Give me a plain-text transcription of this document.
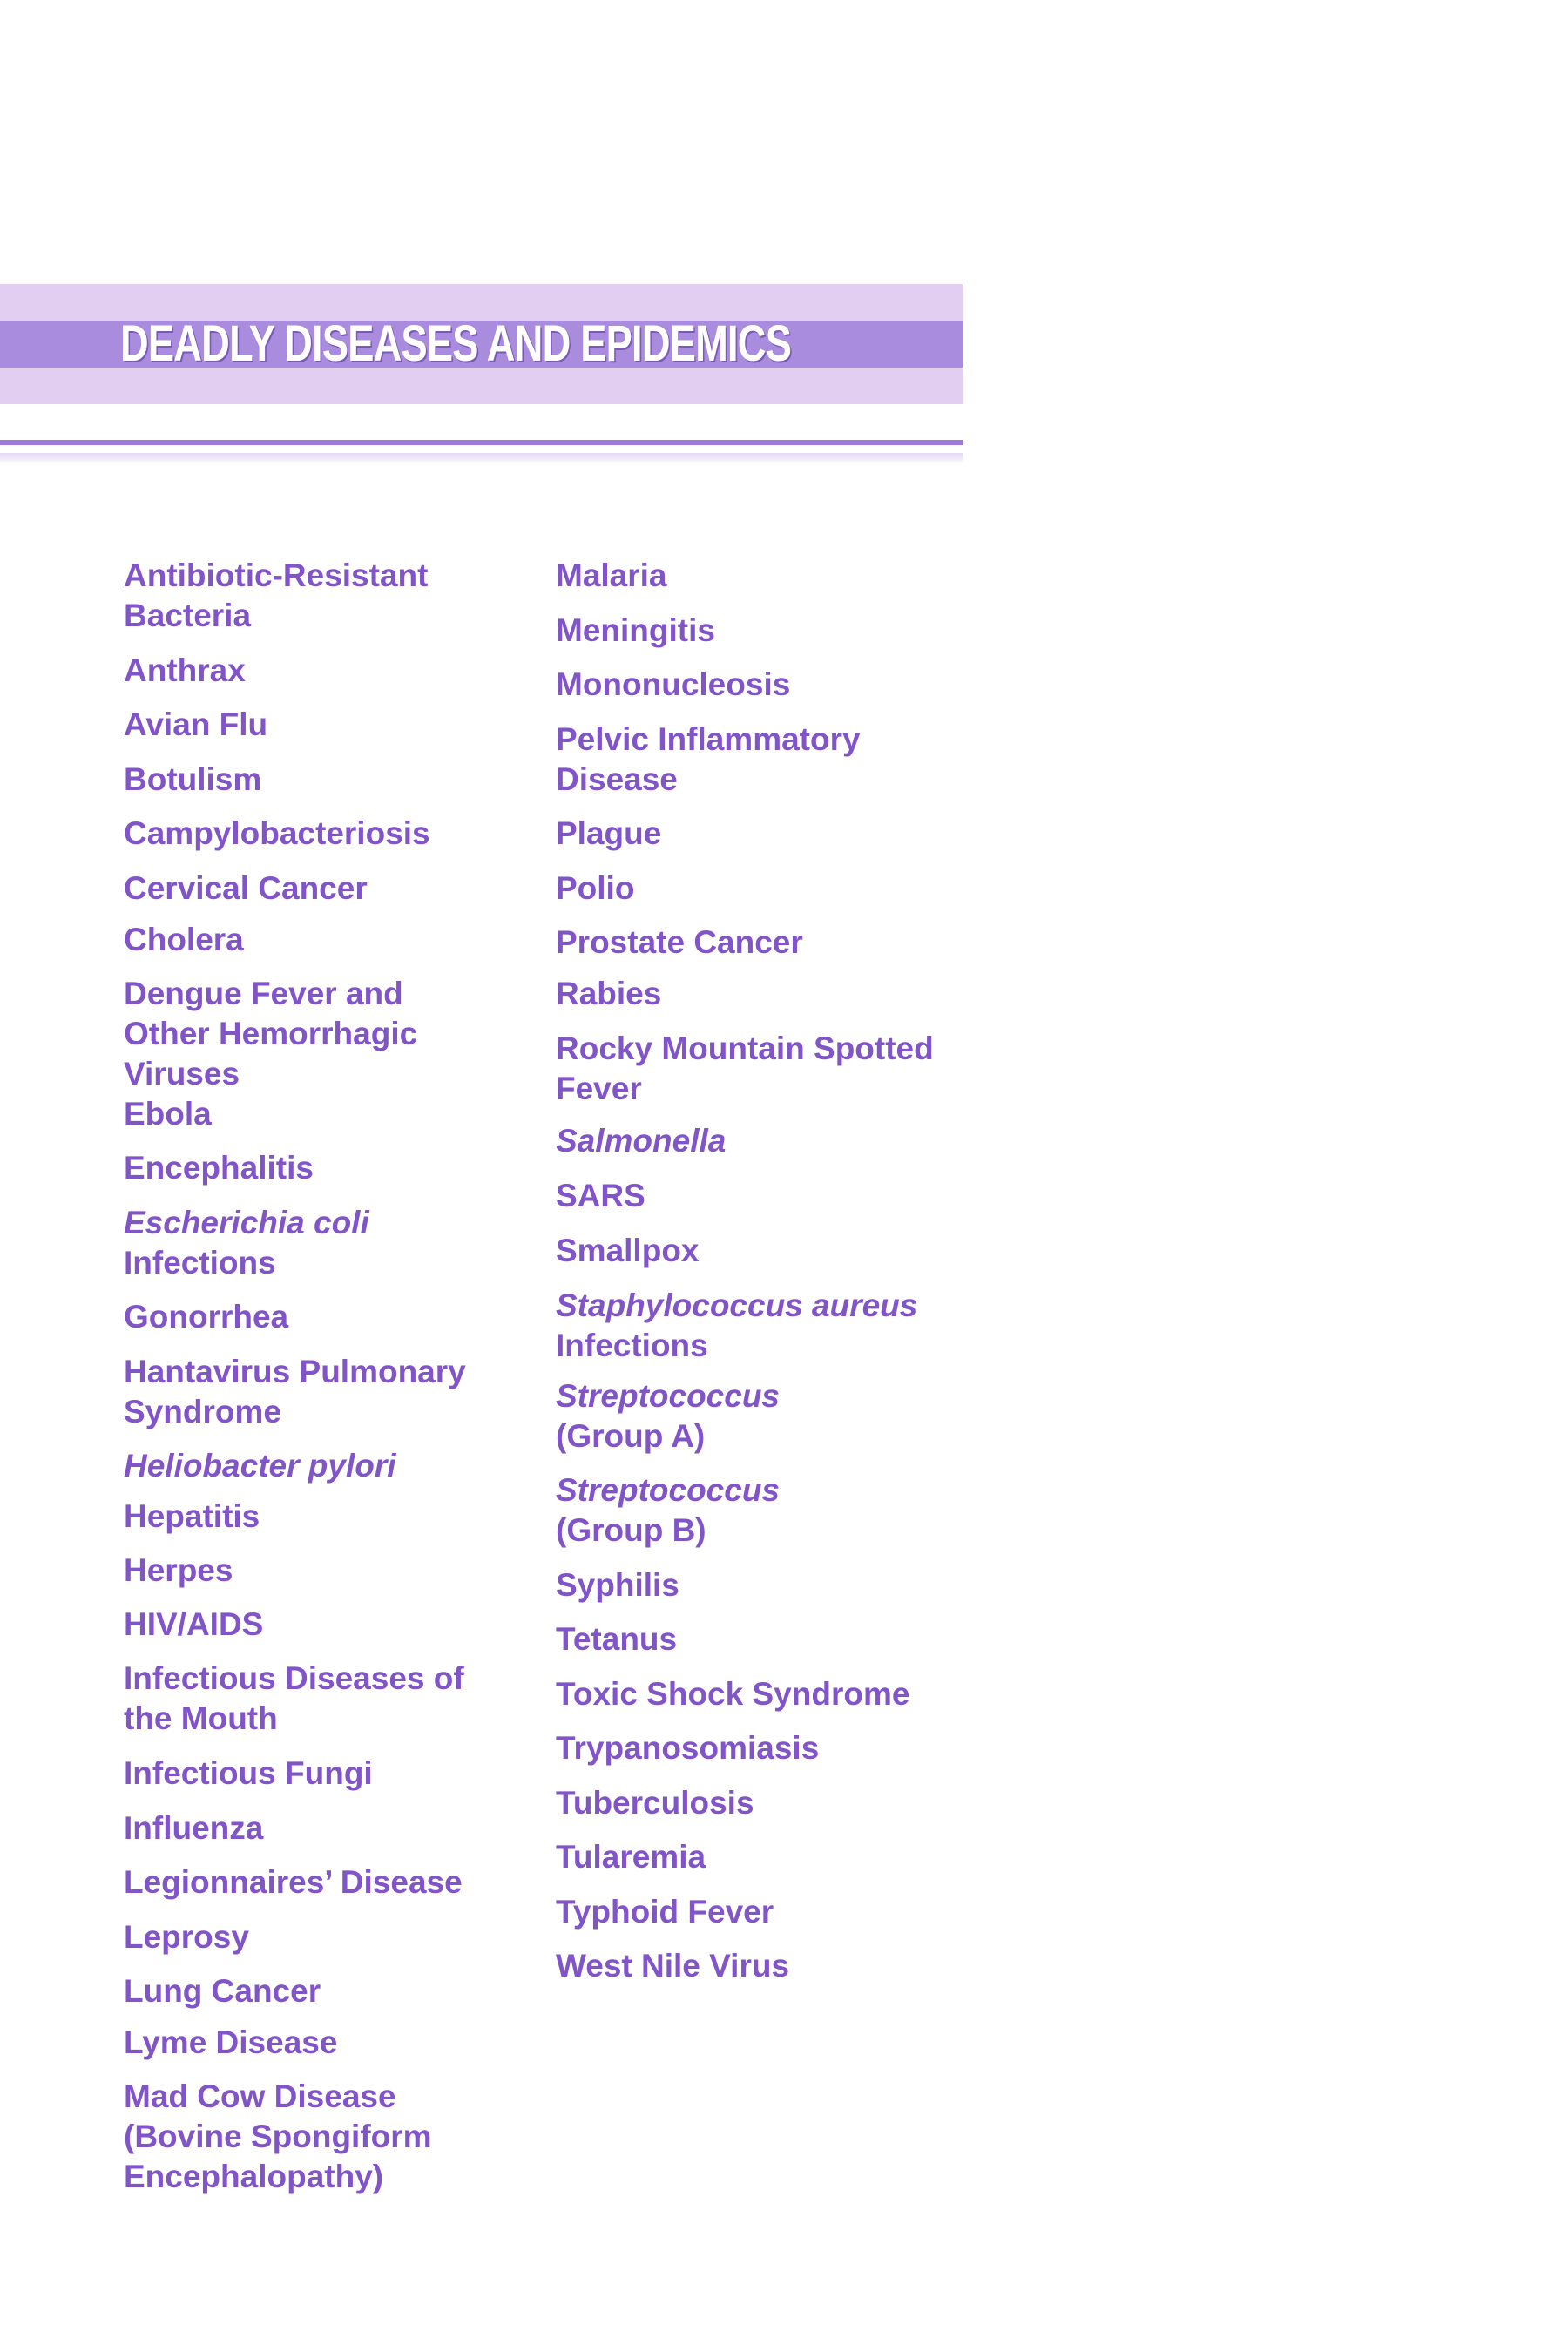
DEADLY DISEASES AND EPIDEMICS
Antibiotic-Resistant
Bacteria
Anthrax
Avian Flu
Botulism
Campylobacteriosis
Cervical Cancer
Cholera
Dengue Fever and
Other Hemorrhagic
Viruses
Ebola
Encephalitis
Escherichia coli
Infections
Gonorrhea
Hantavirus Pulmonary
Syndrome
Heliobacter pylori
Hepatitis
Herpes
HIV/AIDS
Infectious Diseases of
the Mouth
Infectious Fungi
Influenza
Legionnaires’ Disease
Leprosy
Lung Cancer
Lyme Disease
Mad Cow Disease
(Bovine Spongiform
Encephalopathy)
Malaria
Meningitis
Mononucleosis
Pelvic Inflammatory
Disease
Plague
Polio
Prostate Cancer
Rabies
Rocky Mountain Spotted
Fever
Salmonella
SARS
Smallpox
Staphylococcus aureus
Infections
Streptococcus
(Group A)
Streptococcus
(Group B)
Syphilis
Tetanus
Toxic Shock Syndrome
Trypanosomiasis
Tuberculosis
Tularemia
Typhoid Fever
West Nile Virus
